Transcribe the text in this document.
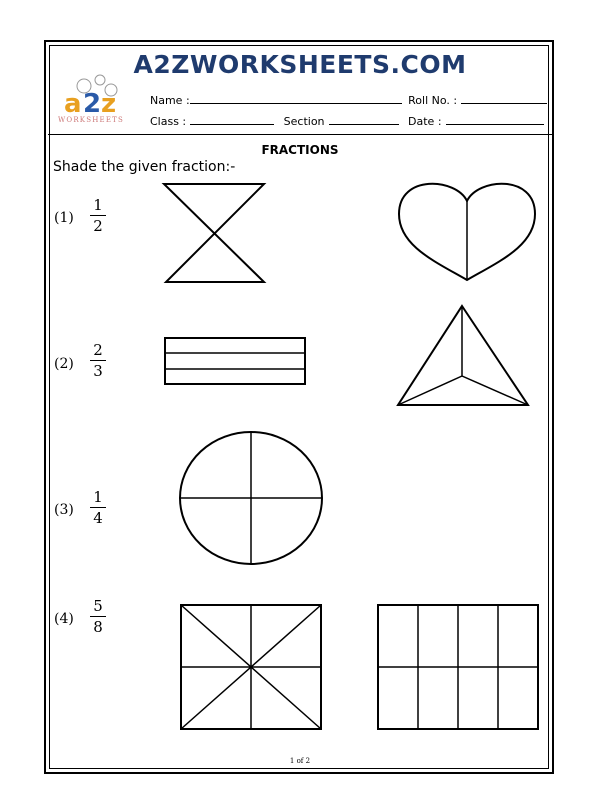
A2ZWORKSHEETS.COM
a 2 z
WORKSHEETS
Name :	Roll No. :
Class :	Section	Date :
FRACTIONS
Shade the given fraction:-
(1)
1
2
(2)
2
3
(3)
1
4
(4)
5
8
1 of 2
